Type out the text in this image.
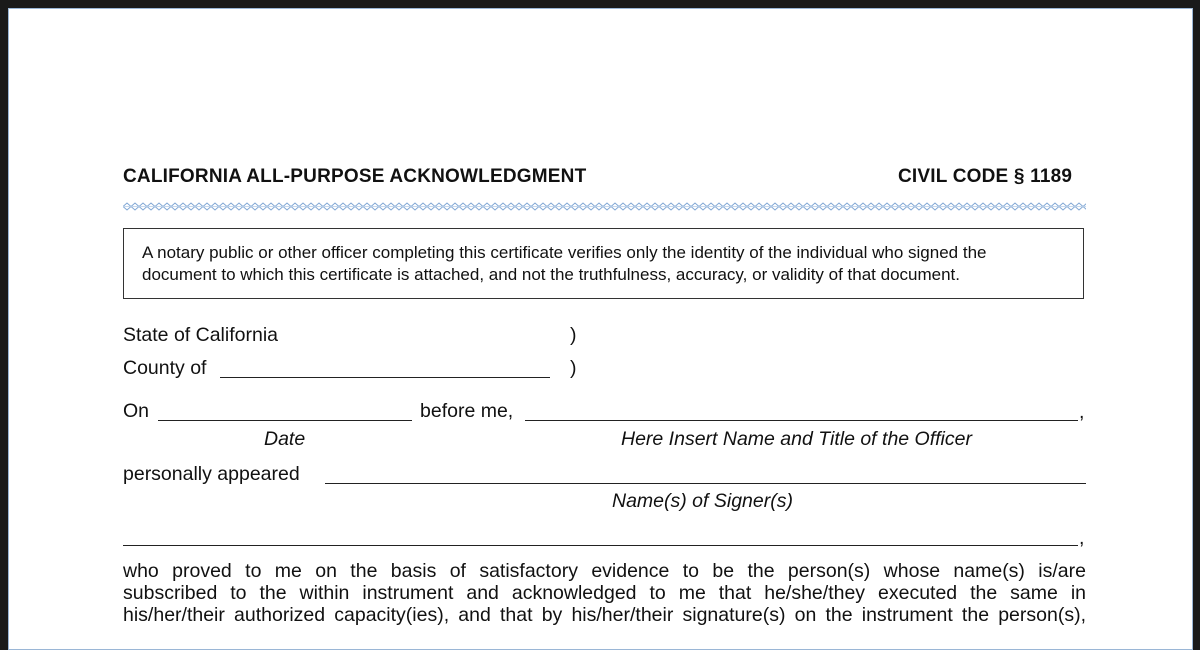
CALIFORNIA ALL-PURPOSE ACKNOWLEDGMENT	CIVIL CODE § 1189

A notary public or other officer completing this certificate verifies only the identity of the individual who signed the

document to which this certificate is attached, and not the truthfulness, accuracy, or validity of that document.

State of California	)
County of	)
On	before me,	,
Date	Here Insert Name and Title of the Officer
personally appeared
Name(s) of Signer(s)
,

who proved to me on the basis of satisfactory evidence to be the person(s) whose name(s) is/are

subscribed to the within instrument and acknowledged to me that he/she/they executed the same in

his/her/their authorized capacity(ies), and that by his/her/their signature(s) on the instrument the person(s),
